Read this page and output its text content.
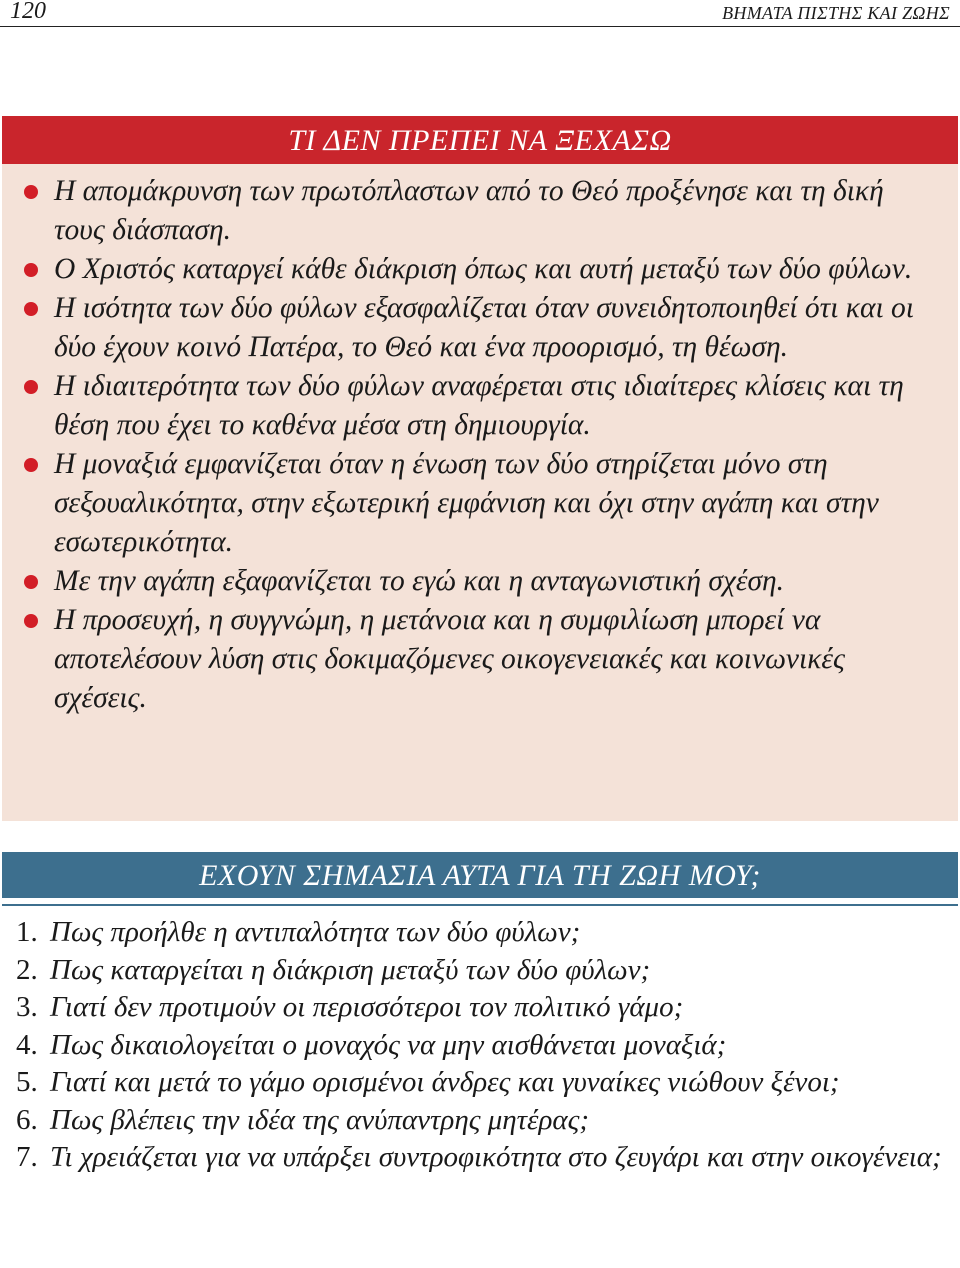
120	ΒΗΜΑΤΑ ΠΙΣΤΗΣ ΚΑΙ ΖΩΗΣ
ΤΙ ΔΕΝ ΠΡΕΠΕΙ ΝΑ ΞΕΧΑΣΩ
Η απομάκρυνση των πρωτόπλαστων από το Θεό προξένησε και τη δική τους διάσπαση.
Ο Χριστός καταργεί κάθε διάκριση όπως και αυτή μεταξύ των δύο φύλων.
Η ισότητα των δύο φύλων εξασφαλίζεται όταν συνειδητοποιηθεί ότι και οι δύο έχουν κοινό Πατέρα, το Θεό και ένα προορισμό, τη θέωση.
Η ιδιαιτερότητα των δύο φύλων αναφέρεται στις ιδιαίτερες κλίσεις και τη θέση που έχει το καθένα μέσα στη δημιουργία.
Η μοναξιά εμφανίζεται όταν η ένωση των δύο στηρίζεται μόνο στη σεξουαλικότητα, στην εξωτερική εμφάνιση και όχι στην αγάπη και στην εσωτερικότητα.
Με την αγάπη εξαφανίζεται το εγώ και η ανταγωνιστική σχέση.
Η προσευχή, η συγγνώμη, η μετάνοια και η συμφιλίωση μπορεί να αποτελέσουν λύση στις δοκιμαζόμενες οικογενειακές και κοινωνικές σχέσεις.
ΕΧΟΥΝ ΣΗΜΑΣΙΑ ΑΥΤΑ ΓΙΑ ΤΗ ΖΩΗ ΜΟΥ;
1. Πως προήλθε η αντιπαλότητα των δύο φύλων;
2. Πως καταργείται η διάκριση μεταξύ των δύο φύλων;
3. Γιατί δεν προτιμούν οι περισσότεροι τον πολιτικό γάμο;
4. Πως δικαιολογείται ο μοναχός να μην αισθάνεται μοναξιά;
5. Γιατί και μετά το γάμο ορισμένοι άνδρες και γυναίκες νιώθουν ξένοι;
6. Πως βλέπεις την ιδέα της ανύπαντρης μητέρας;
7. Τι χρειάζεται για να υπάρξει συντροφικότητα στο ζευγάρι και στην οικογένεια;
